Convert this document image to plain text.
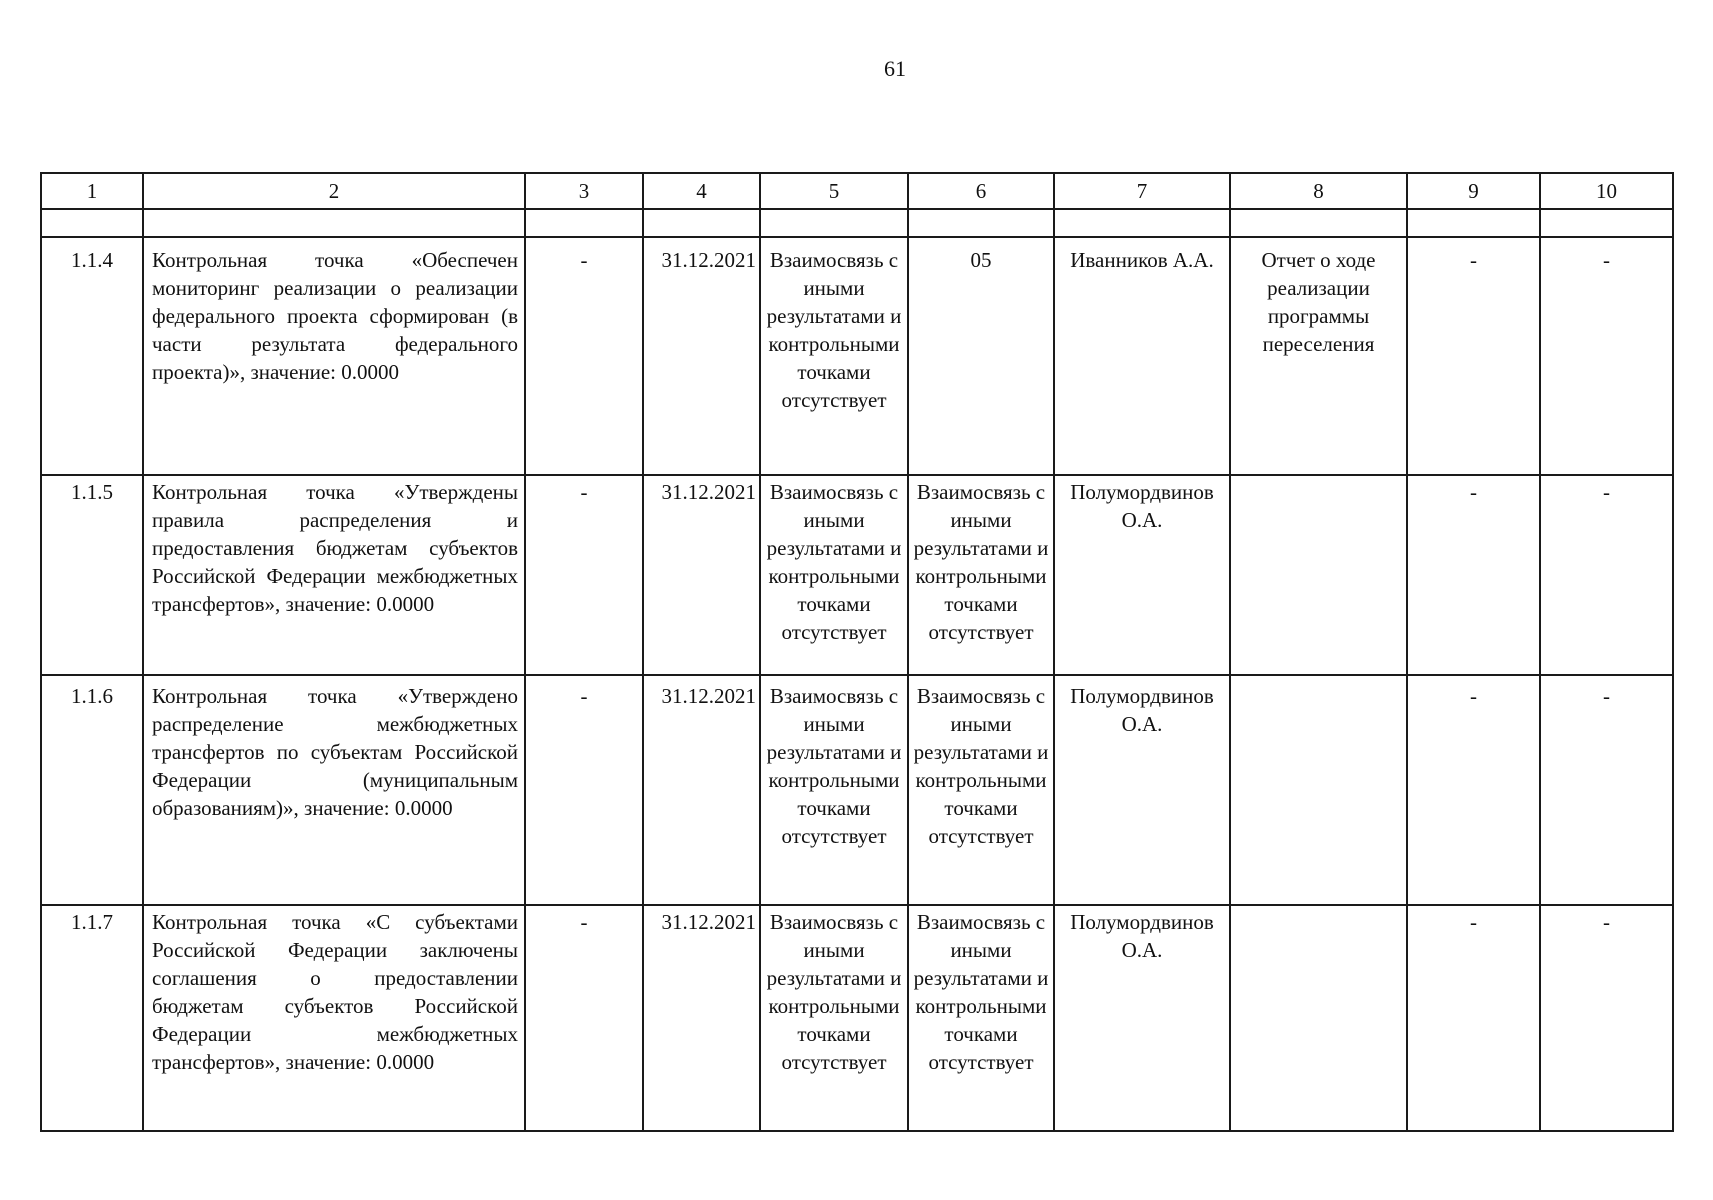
61
1	2	3	4	5	6	7	8	9	10

1.1.4	Контрольная точка «Обеспечен мониторинг реализации о реализации федерального проекта сформирован (в части результата федерального проекта)», значение: 0.0000	-	31.12.2021	Взаимосвязь с иными результатами и контрольными точками отсутствует	05	Иванников А.А.	Отчет о ходе реализации программы переселения	-	-
1.1.5	Контрольная точка «Утверждены правила распределения и предоставления бюджетам субъектов Российской Федерации межбюджетных трансфертов», значение: 0.0000	-	31.12.2021	Взаимосвязь с иными результатами и контрольными точками отсутствует	Взаимосвязь с иными результатами и контрольными точками отсутствует	Полумордвинов О.А.		-	-
1.1.6	Контрольная точка «Утверждено распределение межбюджетных трансфертов по субъектам Российской Федерации (муниципальным образованиям)», значение: 0.0000	-	31.12.2021	Взаимосвязь с иными результатами и контрольными точками отсутствует	Взаимосвязь с иными результатами и контрольными точками отсутствует	Полумордвинов О.А.		-	-
1.1.7	Контрольная точка «С субъектами Российской Федерации заключены соглашения о предоставлении бюджетам субъектов Российской Федерации межбюджетных трансфертов», значение: 0.0000	-	31.12.2021	Взаимосвязь с иными результатами и контрольными точками отсутствует	Взаимосвязь с иными результатами и контрольными точками отсутствует	Полумордвинов О.А.		-	-
